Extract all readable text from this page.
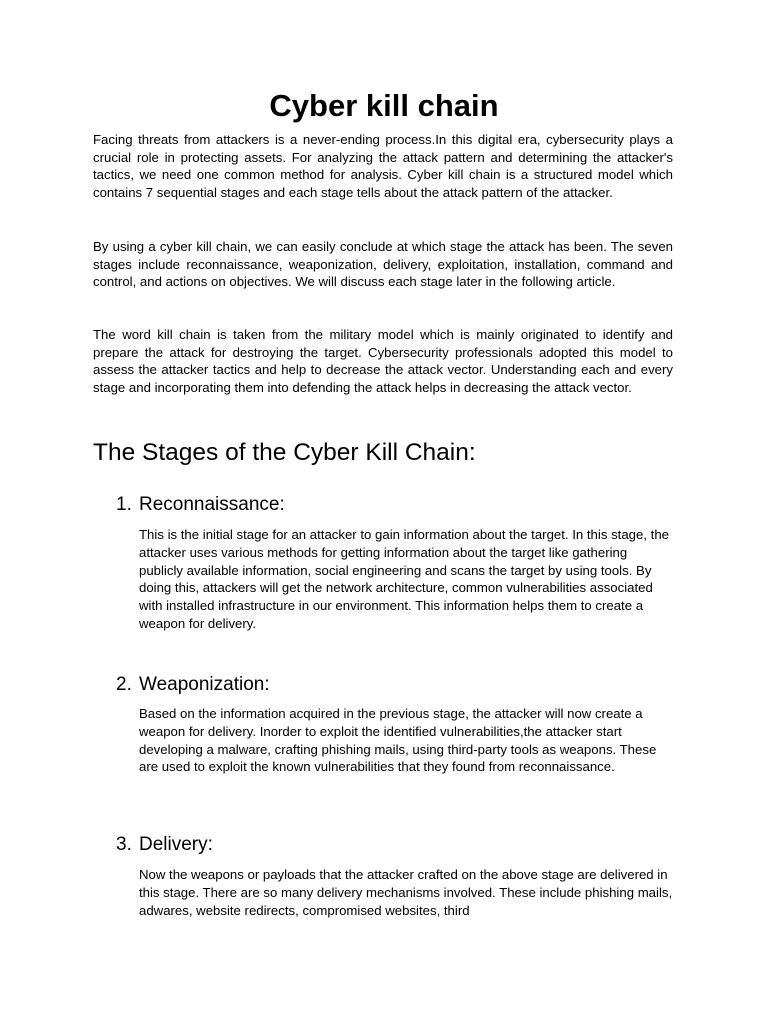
Cyber kill chain

Facing threats from attackers is a never-ending process.In this digital era, cybersecurity plays a crucial role in protecting assets. For analyzing the attack pattern and determining the attacker's tactics, we need one common method for analysis. Cyber kill chain is a structured model which contains 7 sequential stages and each stage tells about the attack pattern of the attacker.

By using a cyber kill chain, we can easily conclude at which stage the attack has been. The seven stages include reconnaissance, weaponization, delivery, exploitation, installation, command and control, and actions on objectives. We will discuss each stage later in the following article.

The word kill chain is taken from the military model which is mainly originated to identify and prepare the attack for destroying the target. Cybersecurity professionals adopted this model to assess the attacker tactics and help to decrease the attack vector. Understanding each and every stage and incorporating them into defending the attack helps in decreasing the attack vector.

The Stages of the Cyber Kill Chain:
1. Reconnaissance:

This is the initial stage for an attacker to gain information about the target. In this stage, the attacker uses various methods for getting information about the target like gathering publicly available information, social engineering and scans the target by using tools. By doing this, attackers will get the network architecture, common vulnerabilities associated with installed infrastructure in our environment. This information helps them to create a weapon for delivery.

2. Weaponization:

Based on the information acquired in the previous stage, the attacker will now create a weapon for delivery. Inorder to exploit the identified vulnerabilities,the attacker start developing a malware, crafting phishing mails, using third-party tools as weapons. These are used to exploit the known vulnerabilities that they found from reconnaissance.

3. Delivery:

Now the weapons or payloads that the attacker crafted on the above stage are delivered in this stage. There are so many delivery mechanisms involved. These include phishing mails, adwares, website redirects, compromised websites, third
